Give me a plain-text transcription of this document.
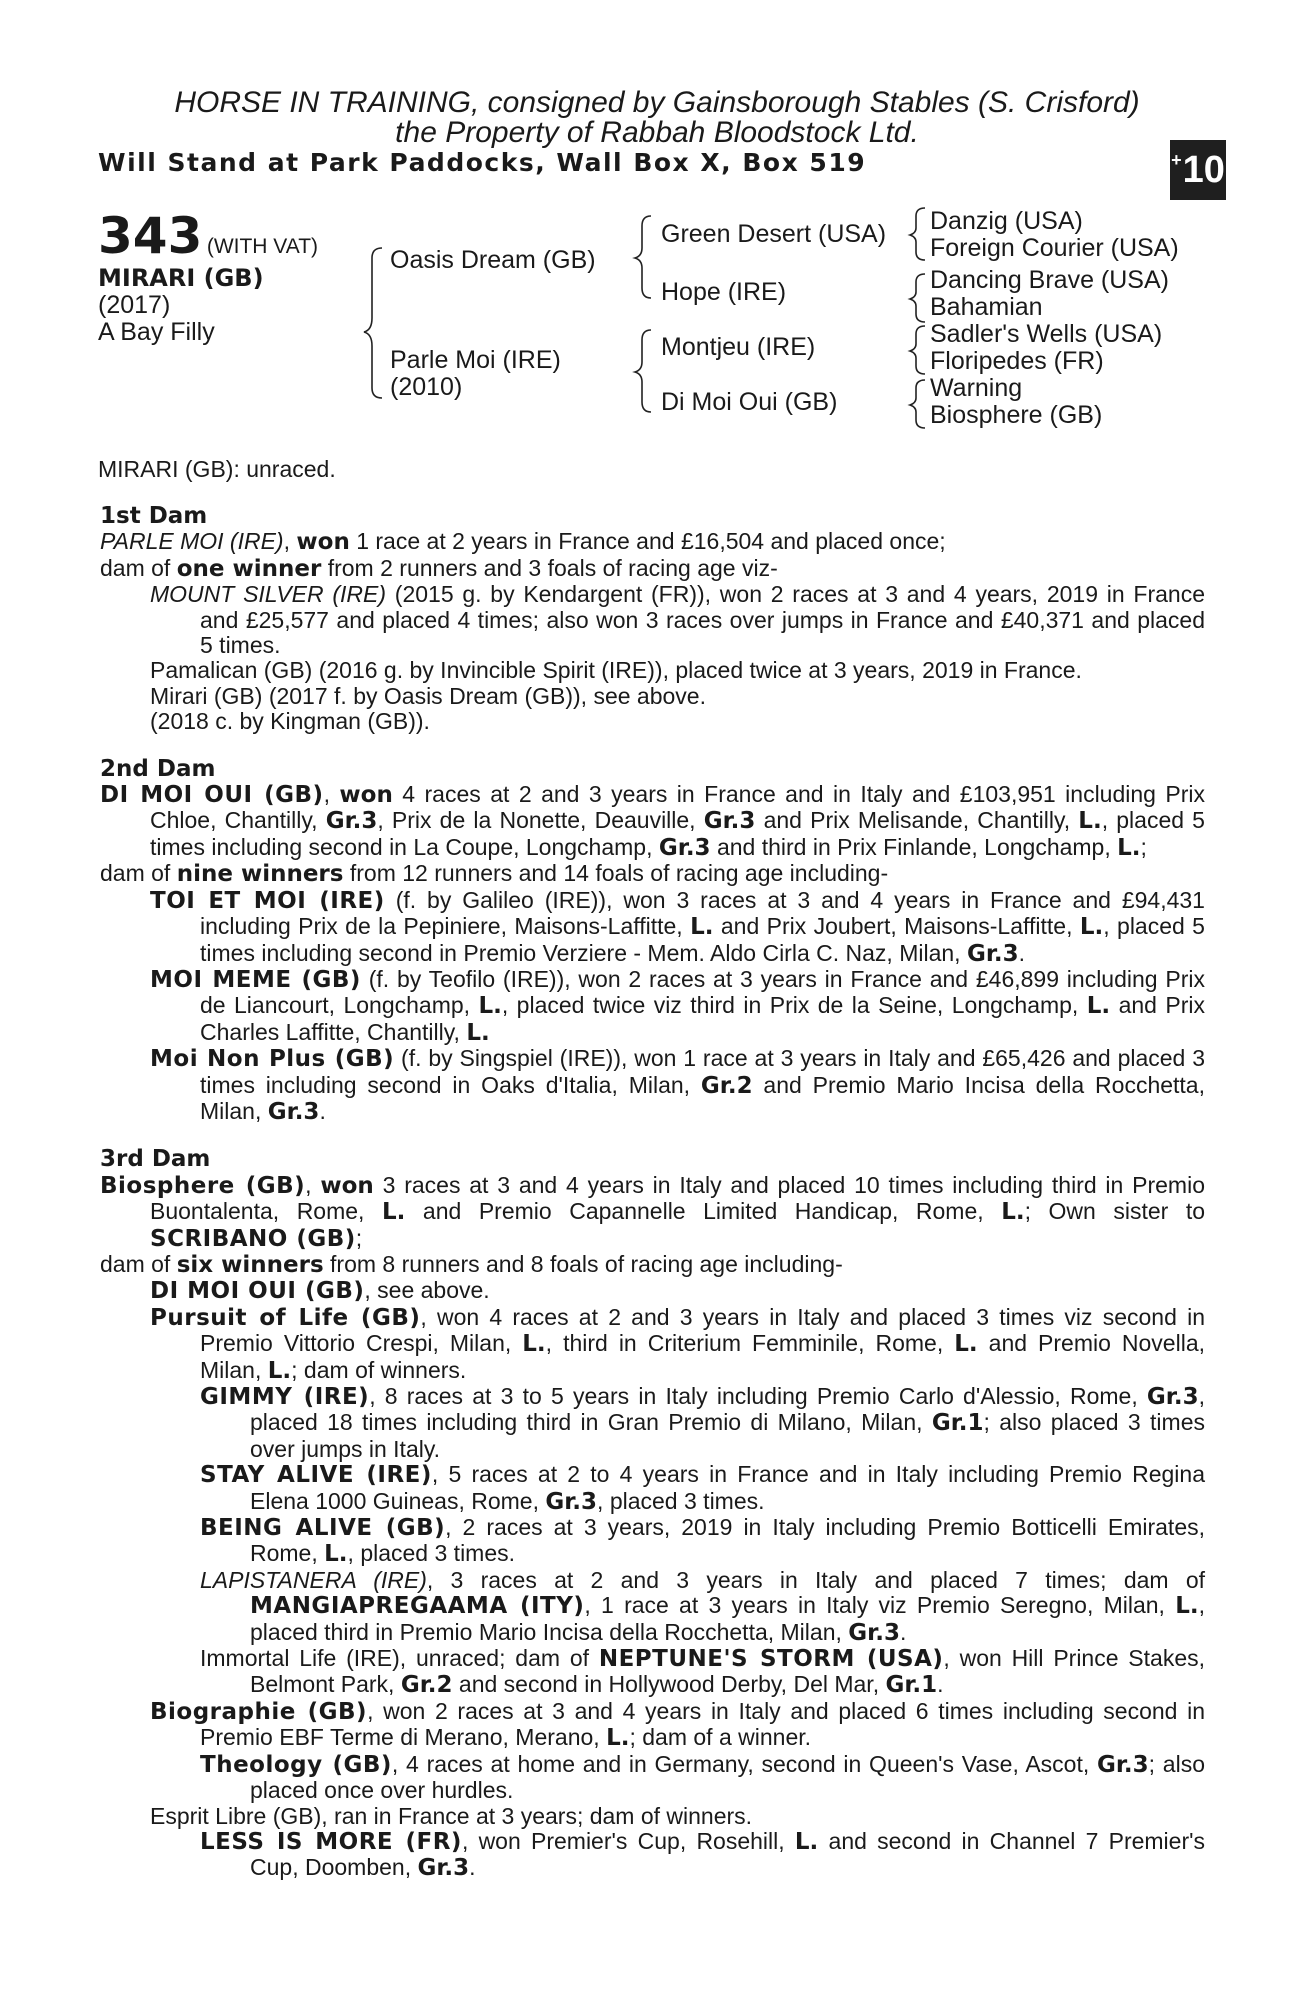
HORSE IN TRAINING, consigned by Gainsborough Stables (S. Crisford)
the Property of Rabbah Bloodstock Ltd.
Will Stand at Park Paddocks, Wall Box X, Box 519	+ 10
343 (WITH VAT)
MIRARI (GB)
(2017)
A Bay Filly
Oasis Dream (GB)
Parle Moi (IRE)
(2010)
Green Desert (USA)
Hope (IRE)
Montjeu (IRE)
Di Moi Oui (GB)
Danzig (USA)
Foreign Courier (USA)
Dancing Brave (USA)
Bahamian
Sadler's Wells (USA)
Floripedes (FR)
Warning
Biosphere (GB)
MIRARI (GB): unraced.

1st Dam

PARLE MOI (IRE), won 1 race at 2 years in France and £16,504 and placed once;

dam of one winner from 2 runners and 3 foals of racing age viz-

MOUNT SILVER (IRE) (2015 g. by Kendargent (FR)), won 2 races at 3 and 4 years, 2019 in France and £25,577 and placed 4 times; also won 3 races over jumps in France and £40,371 and placed 5 times.

Pamalican (GB) (2016 g. by Invincible Spirit (IRE)), placed twice at 3 years, 2019 in France.

Mirari (GB) (2017 f. by Oasis Dream (GB)), see above.

(2018 c. by Kingman (GB)).

2nd Dam

DI MOI OUI (GB), won 4 races at 2 and 3 years in France and in Italy and £103,951 including Prix Chloe, Chantilly, Gr.3, Prix de la Nonette, Deauville, Gr.3 and Prix Melisande, Chantilly, L., placed 5 times including second in La Coupe, Longchamp, Gr.3 and third in Prix Finlande, Longchamp, L.;

dam of nine winners from 12 runners and 14 foals of racing age including-

TOI ET MOI (IRE) (f. by Galileo (IRE)), won 3 races at 3 and 4 years in France and £94,431 including Prix de la Pepiniere, Maisons-Laffitte, L. and Prix Joubert, Maisons-Laffitte, L., placed 5 times including second in Premio Verziere - Mem. Aldo Cirla C. Naz, Milan, Gr.3.

MOI MEME (GB) (f. by Teofilo (IRE)), won 2 races at 3 years in France and £46,899 including Prix de Liancourt, Longchamp, L., placed twice viz third in Prix de la Seine, Longchamp, L. and Prix Charles Laffitte, Chantilly, L.

Moi Non Plus (GB) (f. by Singspiel (IRE)), won 1 race at 3 years in Italy and £65,426 and placed 3 times including second in Oaks d'Italia, Milan, Gr.2 and Premio Mario Incisa della Rocchetta, Milan, Gr.3.

3rd Dam

Biosphere (GB), won 3 races at 3 and 4 years in Italy and placed 10 times including third in Premio Buontalenta, Rome, L. and Premio Capannelle Limited Handicap, Rome, L.; Own sister to SCRIBANO (GB);

dam of six winners from 8 runners and 8 foals of racing age including-

DI MOI OUI (GB), see above.

Pursuit of Life (GB), won 4 races at 2 and 3 years in Italy and placed 3 times viz second in Premio Vittorio Crespi, Milan, L., third in Criterium Femminile, Rome, L. and Premio Novella, Milan, L.; dam of winners.

GIMMY (IRE), 8 races at 3 to 5 years in Italy including Premio Carlo d'Alessio, Rome, Gr.3, placed 18 times including third in Gran Premio di Milano, Milan, Gr.1; also placed 3 times over jumps in Italy.

STAY ALIVE (IRE), 5 races at 2 to 4 years in France and in Italy including Premio Regina Elena 1000 Guineas, Rome, Gr.3, placed 3 times.

BEING ALIVE (GB), 2 races at 3 years, 2019 in Italy including Premio Botticelli Emirates, Rome, L., placed 3 times.

LAPISTANERA (IRE), 3 races at 2 and 3 years in Italy and placed 7 times; dam of MANGIAPREGAAMA (ITY), 1 race at 3 years in Italy viz Premio Seregno, Milan, L., placed third in Premio Mario Incisa della Rocchetta, Milan, Gr.3.

Immortal Life (IRE), unraced; dam of NEPTUNE'S STORM (USA), won Hill Prince Stakes, Belmont Park, Gr.2 and second in Hollywood Derby, Del Mar, Gr.1.

Biographie (GB), won 2 races at 3 and 4 years in Italy and placed 6 times including second in Premio EBF Terme di Merano, Merano, L.; dam of a winner.

Theology (GB), 4 races at home and in Germany, second in Queen's Vase, Ascot, Gr.3; also placed once over hurdles.

Esprit Libre (GB), ran in France at 3 years; dam of winners.

LESS IS MORE (FR), won Premier's Cup, Rosehill, L. and second in Channel 7 Premier's Cup, Doomben, Gr.3.
